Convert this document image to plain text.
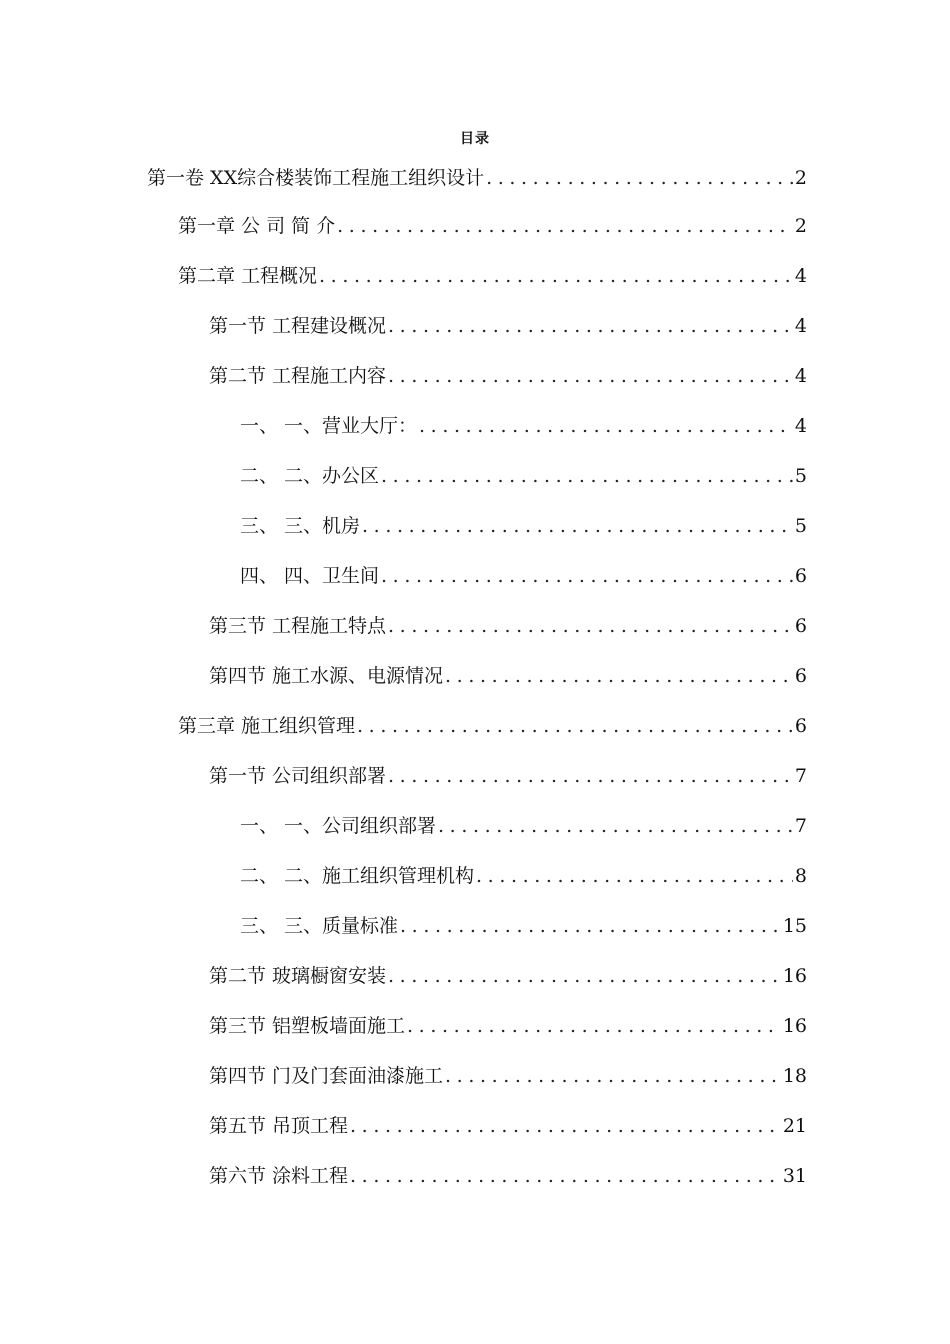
目录
第一卷 XX综合楼装饰工程施工组织设计 .....	2
第一章 公 司 简 介 .....	2
第二章 工程概况 .....	4
第一节 工程建设概况 .....	4
第二节 工程施工内容 .....	4
一、 一、营业大厅： .....	4
二、 二、办公区 .....	5
三、 三、机房 .....	5
四、 四、卫生间 .....	6
第三节 工程施工特点 .....	6
第四节 施工水源、电源情况 .....	6
第三章 施工组织管理 .....	6
第一节 公司组织部署 .....	7
一、 一、公司组织部署 .....	7
二、 二、施工组织管理机构 .....	8
三、 三、质量标准 .....	15
第二节 玻璃橱窗安装 .....	16
第三节 铝塑板墙面施工 .....	16
第四节 门及门套面油漆施工 .....	18
第五节 吊顶工程 .....	21
第六节 涂料工程 .....	31
